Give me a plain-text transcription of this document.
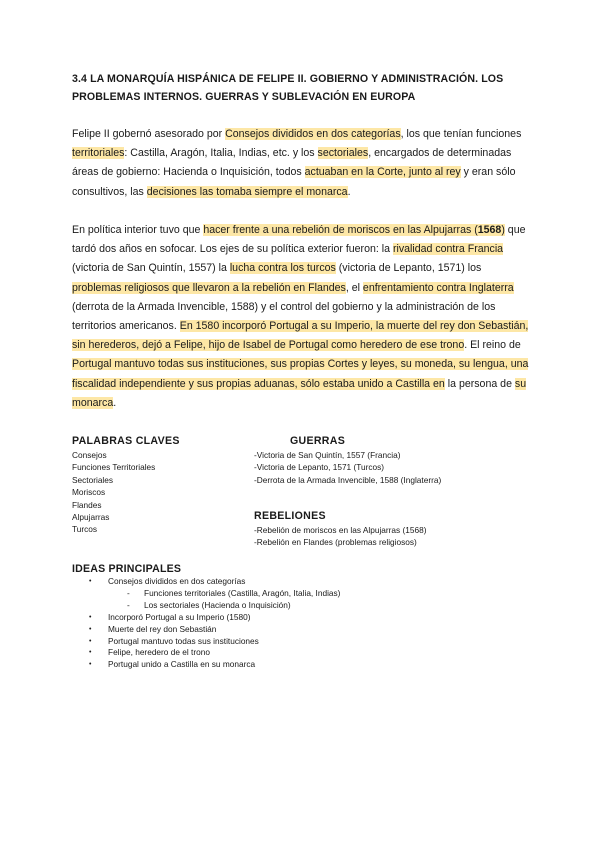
3.4 LA MONARQUÍA HISPÁNICA DE FELIPE II. GOBIERNO Y ADMINISTRACIÓN. LOS PROBLEMAS INTERNOS. GUERRAS Y SUBLEVACIÓN EN EUROPA
Felipe II gobernó asesorado por Consejos divididos en dos categorías, los que tenían funciones territoriales: Castilla, Aragón, Italia, Indias, etc. y los sectoriales, encargados de determinadas áreas de gobierno: Hacienda o Inquisición, todos actuaban en la Corte, junto al rey y eran sólo consultivos, las decisiones las tomaba siempre el monarca.
En política interior tuvo que hacer frente a una rebelión de moriscos en las Alpujarras (1568) que tardó dos años en sofocar. Los ejes de su política exterior fueron: la rivalidad contra Francia (victoria de San Quintín, 1557) la lucha contra los turcos (victoria de Lepanto, 1571) los problemas religiosos que llevaron a la rebelión en Flandes, el enfrentamiento contra Inglaterra (derrota de la Armada Invencible, 1588) y el control del gobierno y la administración de los territorios americanos. En 1580 incorporó Portugal a su Imperio, la muerte del rey don Sebastián, sin herederos, dejó a Felipe, hijo de Isabel de Portugal como heredero de ese trono. El reino de Portugal mantuvo todas sus instituciones, sus propias Cortes y leyes, su moneda, su lengua, una fiscalidad independiente y sus propias aduanas, sólo estaba unido a Castilla en la persona de su monarca.
PALABRAS CLAVES
Consejos
Funciones Territoriales
Sectoriales
Moriscos
Flandes
Alpujarras
Turcos
GUERRAS
-Victoria de San Quintín, 1557 (Francia)
-Victoria de Lepanto, 1571 (Turcos)
-Derrota de la Armada Invencible, 1588 (Inglaterra)
REBELIONES
-Rebelión de moriscos en las Alpujarras (1568)
-Rebelión en Flandes (problemas religiosos)
IDEAS PRINCIPALES
• Consejos divididos en dos categorías
- Funciones territoriales (Castilla, Aragón, Italia, Indias)
- Los sectoriales (Hacienda o Inquisición)
• Incorporó Portugal a su Imperio (1580)
• Muerte del rey don Sebastián
• Portugal mantuvo todas sus instituciones
• Felipe, heredero de el trono
• Portugal unido a Castilla en su monarca
